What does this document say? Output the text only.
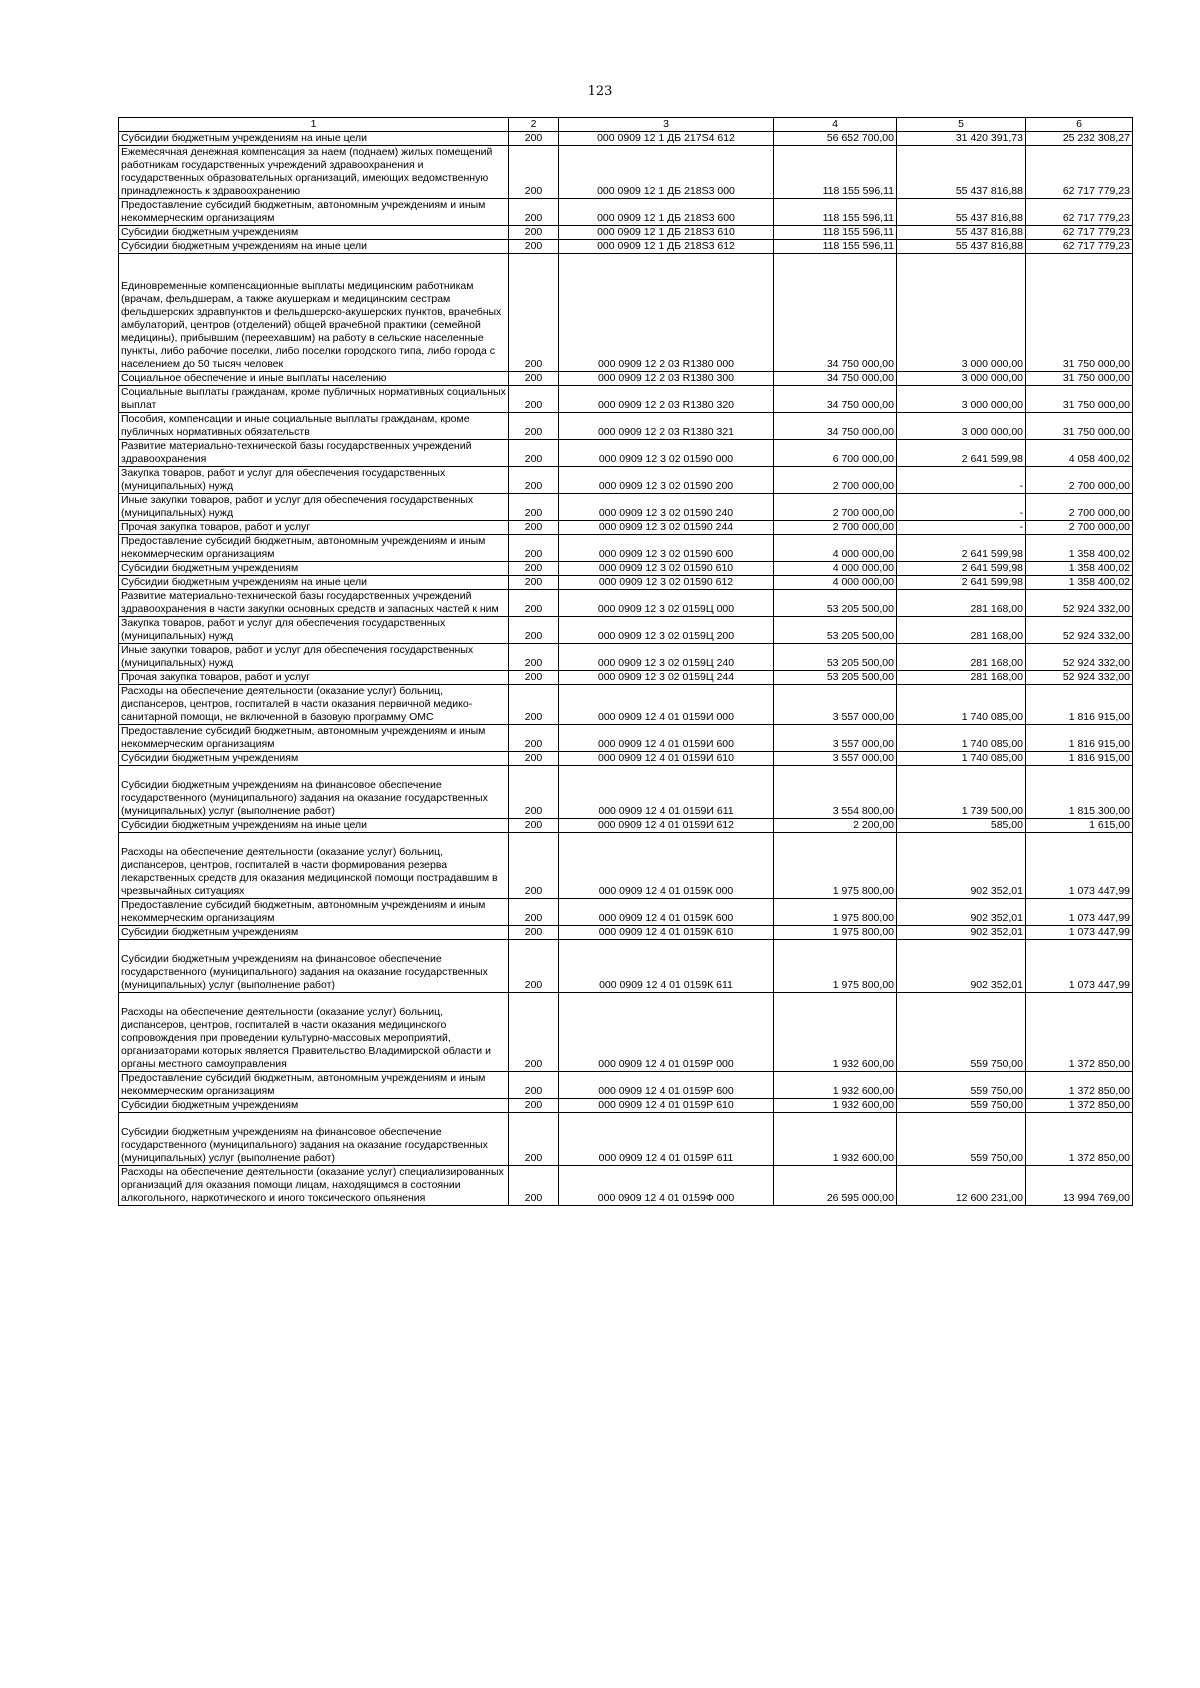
123
1	2	3	4	5	6
Субсидии бюджетным учреждениям на иные цели	200	000 0909 12 1 ДБ 217S4 612	56 652 700,00	31 420 391,73	25 232 308,27
Ежемесячная денежная компенсация за наем (поднаем) жилых помещений работникам государственных учреждений здравоохранения и государственных образовательных организаций, имеющих ведомственную принадлежность к здравоохранению	200	000 0909 12 1 ДБ 218S3 000	118 155 596,11	55 437 816,88	62 717 779,23
Предоставление субсидий бюджетным, автономным учреждениям и иным некоммерческим организациям	200	000 0909 12 1 ДБ 218S3 600	118 155 596,11	55 437 816,88	62 717 779,23
Субсидии бюджетным учреждениям	200	000 0909 12 1 ДБ 218S3 610	118 155 596,11	55 437 816,88	62 717 779,23
Субсидии бюджетным учреждениям на иные цели	200	000 0909 12 1 ДБ 218S3 612	118 155 596,11	55 437 816,88	62 717 779,23
Единовременные компенсационные выплаты медицинским работникам (врачам, фельдшерам, а также акушеркам и медицинским сестрам фельдшерских здравпунктов и фельдшерско-акушерских пунктов, врачебных амбулаторий, центров (отделений) общей врачебной практики (семейной медицины), прибывшим (переехавшим) на работу в сельские населенные пункты, либо рабочие поселки, либо поселки городского типа, либо города с населением до 50 тысяч человек	200	000 0909 12 2 03 R1380 000	34 750 000,00	3 000 000,00	31 750 000,00
Социальное обеспечение и иные выплаты населению	200	000 0909 12 2 03 R1380 300	34 750 000,00	3 000 000,00	31 750 000,00
Социальные выплаты гражданам, кроме публичных нормативных социальных выплат	200	000 0909 12 2 03 R1380 320	34 750 000,00	3 000 000,00	31 750 000,00
Пособия, компенсации и иные социальные выплаты гражданам, кроме публичных нормативных обязательств	200	000 0909 12 2 03 R1380 321	34 750 000,00	3 000 000,00	31 750 000,00
Развитие материально-технической базы государственных учреждений здравоохранения	200	000 0909 12 3 02 01590 000	6 700 000,00	2 641 599,98	4 058 400,02
Закупка товаров, работ и услуг для обеспечения государственных (муниципальных) нужд	200	000 0909 12 3 02 01590 200	2 700 000,00	-	2 700 000,00
Иные закупки товаров, работ и услуг для обеспечения государственных (муниципальных) нужд	200	000 0909 12 3 02 01590 240	2 700 000,00	-	2 700 000,00
Прочая закупка товаров, работ и услуг	200	000 0909 12 3 02 01590 244	2 700 000,00	-	2 700 000,00
Предоставление субсидий бюджетным, автономным учреждениям и иным некоммерческим организациям	200	000 0909 12 3 02 01590 600	4 000 000,00	2 641 599,98	1 358 400,02
Субсидии бюджетным учреждениям	200	000 0909 12 3 02 01590 610	4 000 000,00	2 641 599,98	1 358 400,02
Субсидии бюджетным учреждениям на иные цели	200	000 0909 12 3 02 01590 612	4 000 000,00	2 641 599,98	1 358 400,02
Развитие материально-технической базы государственных учреждений здравоохранения в части закупки основных средств и запасных частей к ним	200	000 0909 12 3 02 0159Ц 000	53 205 500,00	281 168,00	52 924 332,00
Закупка товаров, работ и услуг для обеспечения государственных (муниципальных) нужд	200	000 0909 12 3 02 0159Ц 200	53 205 500,00	281 168,00	52 924 332,00
Иные закупки товаров, работ и услуг для обеспечения государственных (муниципальных) нужд	200	000 0909 12 3 02 0159Ц 240	53 205 500,00	281 168,00	52 924 332,00
Прочая закупка товаров, работ и услуг	200	000 0909 12 3 02 0159Ц 244	53 205 500,00	281 168,00	52 924 332,00
Расходы на обеспечение деятельности (оказание услуг) больниц, диспансеров, центров, госпиталей в части оказания первичной медико-санитарной помощи, не включенной в базовую программу ОМС	200	000 0909 12 4 01 0159И 000	3 557 000,00	1 740 085,00	1 816 915,00
Предоставление субсидий бюджетным, автономным учреждениям и иным некоммерческим организациям	200	000 0909 12 4 01 0159И 600	3 557 000,00	1 740 085,00	1 816 915,00
Субсидии бюджетным учреждениям	200	000 0909 12 4 01 0159И 610	3 557 000,00	1 740 085,00	1 816 915,00
Субсидии бюджетным учреждениям на финансовое обеспечение государственного (муниципального) задания на оказание государственных (муниципальных) услуг (выполнение работ)	200	000 0909 12 4 01 0159И 611	3 554 800,00	1 739 500,00	1 815 300,00
Субсидии бюджетным учреждениям на иные цели	200	000 0909 12 4 01 0159И 612	2 200,00	585,00	1 615,00
Расходы на обеспечение деятельности (оказание услуг) больниц, диспансеров, центров, госпиталей в части формирования резерва лекарственных средств для оказания медицинской помощи пострадавшим в чрезвычайных ситуациях	200	000 0909 12 4 01 0159К 000	1 975 800,00	902 352,01	1 073 447,99
Предоставление субсидий бюджетным, автономным учреждениям и иным некоммерческим организациям	200	000 0909 12 4 01 0159К 600	1 975 800,00	902 352,01	1 073 447,99
Субсидии бюджетным учреждениям	200	000 0909 12 4 01 0159К 610	1 975 800,00	902 352,01	1 073 447,99
Субсидии бюджетным учреждениям на финансовое обеспечение государственного (муниципального) задания на оказание государственных (муниципальных) услуг (выполнение работ)	200	000 0909 12 4 01 0159К 611	1 975 800,00	902 352,01	1 073 447,99
Расходы на обеспечение деятельности (оказание услуг) больниц, диспансеров, центров, госпиталей в части оказания медицинского сопровождения при проведении культурно-массовых мероприятий, организаторами которых является Правительство Владимирской области и органы местного самоуправления	200	000 0909 12 4 01 0159Р 000	1 932 600,00	559 750,00	1 372 850,00
Предоставление субсидий бюджетным, автономным учреждениям и иным некоммерческим организациям	200	000 0909 12 4 01 0159Р 600	1 932 600,00	559 750,00	1 372 850,00
Субсидии бюджетным учреждениям	200	000 0909 12 4 01 0159Р 610	1 932 600,00	559 750,00	1 372 850,00
Субсидии бюджетным учреждениям на финансовое обеспечение государственного (муниципального) задания на оказание государственных (муниципальных) услуг (выполнение работ)	200	000 0909 12 4 01 0159Р 611	1 932 600,00	559 750,00	1 372 850,00
Расходы на обеспечение деятельности (оказание услуг) специализированных организаций для оказания помощи лицам, находящимся в состоянии алкогольного, наркотического и иного токсического опьянения	200	000 0909 12 4 01 0159Ф 000	26 595 000,00	12 600 231,00	13 994 769,00
